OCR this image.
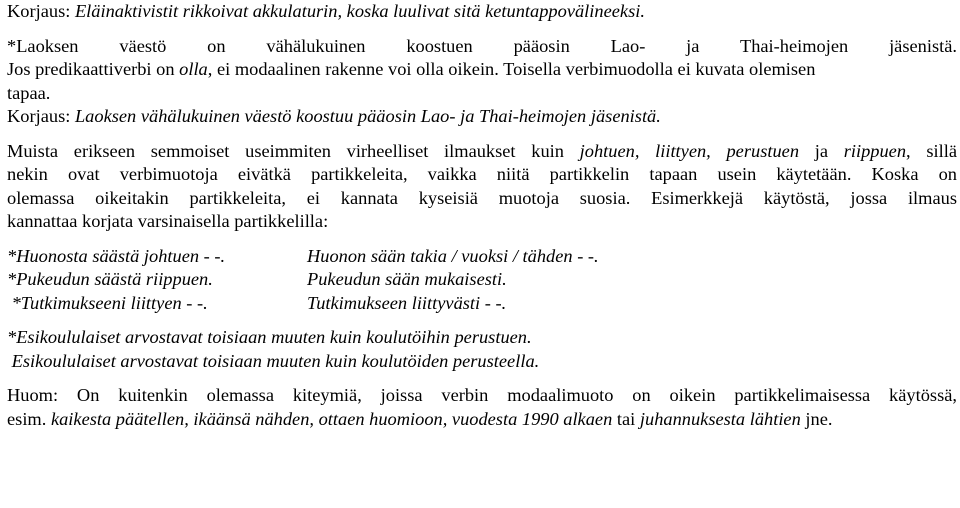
Korjaus: Eläinaktivistit rikkoivat akkulaturin, koska luulivat sitä ketuntappovälineeksi.
*Laoksen väestö on vähälukuinen koostuen pääosin Lao- ja Thai-heimojen jäsenistä.
Jos predikaattiverbi on olla, ei modaalinen rakenne voi olla oikein. Toisella verbimuodolla ei kuvata olemisen
tapaa.
Korjaus: Laoksen vähälukuinen väestö koostuu pääosin Lao- ja Thai-heimojen jäsenistä.
Muista erikseen semmoiset useimmiten virheelliset ilmaukset kuin johtuen, liittyen, perustuen ja riippuen, sillä
nekin ovat verbimuotoja eivätkä partikkeleita, vaikka niitä partikkelin tapaan usein käytetään. Koska on
olemassa oikeitakin partikkeleita, ei kannata kyseisiä muotoja suosia. Esimerkkejä käytöstä, jossa ilmaus
kannattaa korjata varsinaisella partikkelilla:
*Huonosta säästä johtuen - -.	Huonon sään takia / vuoksi / tähden - -.
*Pukeudun säästä riippuen.	Pukeudun sään mukaisesti.
*Tutkimukseeni liittyen - -.	Tutkimukseen liittyvästi - -.
*Esikoululaiset arvostavat toisiaan muuten kuin koulutöihin perustuen.
Esikoululaiset arvostavat toisiaan muuten kuin koulutöiden perusteella.
Huom: On kuitenkin olemassa kiteymiä, joissa verbin modaalimuoto on oikein partikkelimaisessa käytössä,
esim. kaikesta päätellen, ikäänsä nähden, ottaen huomioon, vuodesta 1990 alkaen tai juhannuksesta lähtien jne.
